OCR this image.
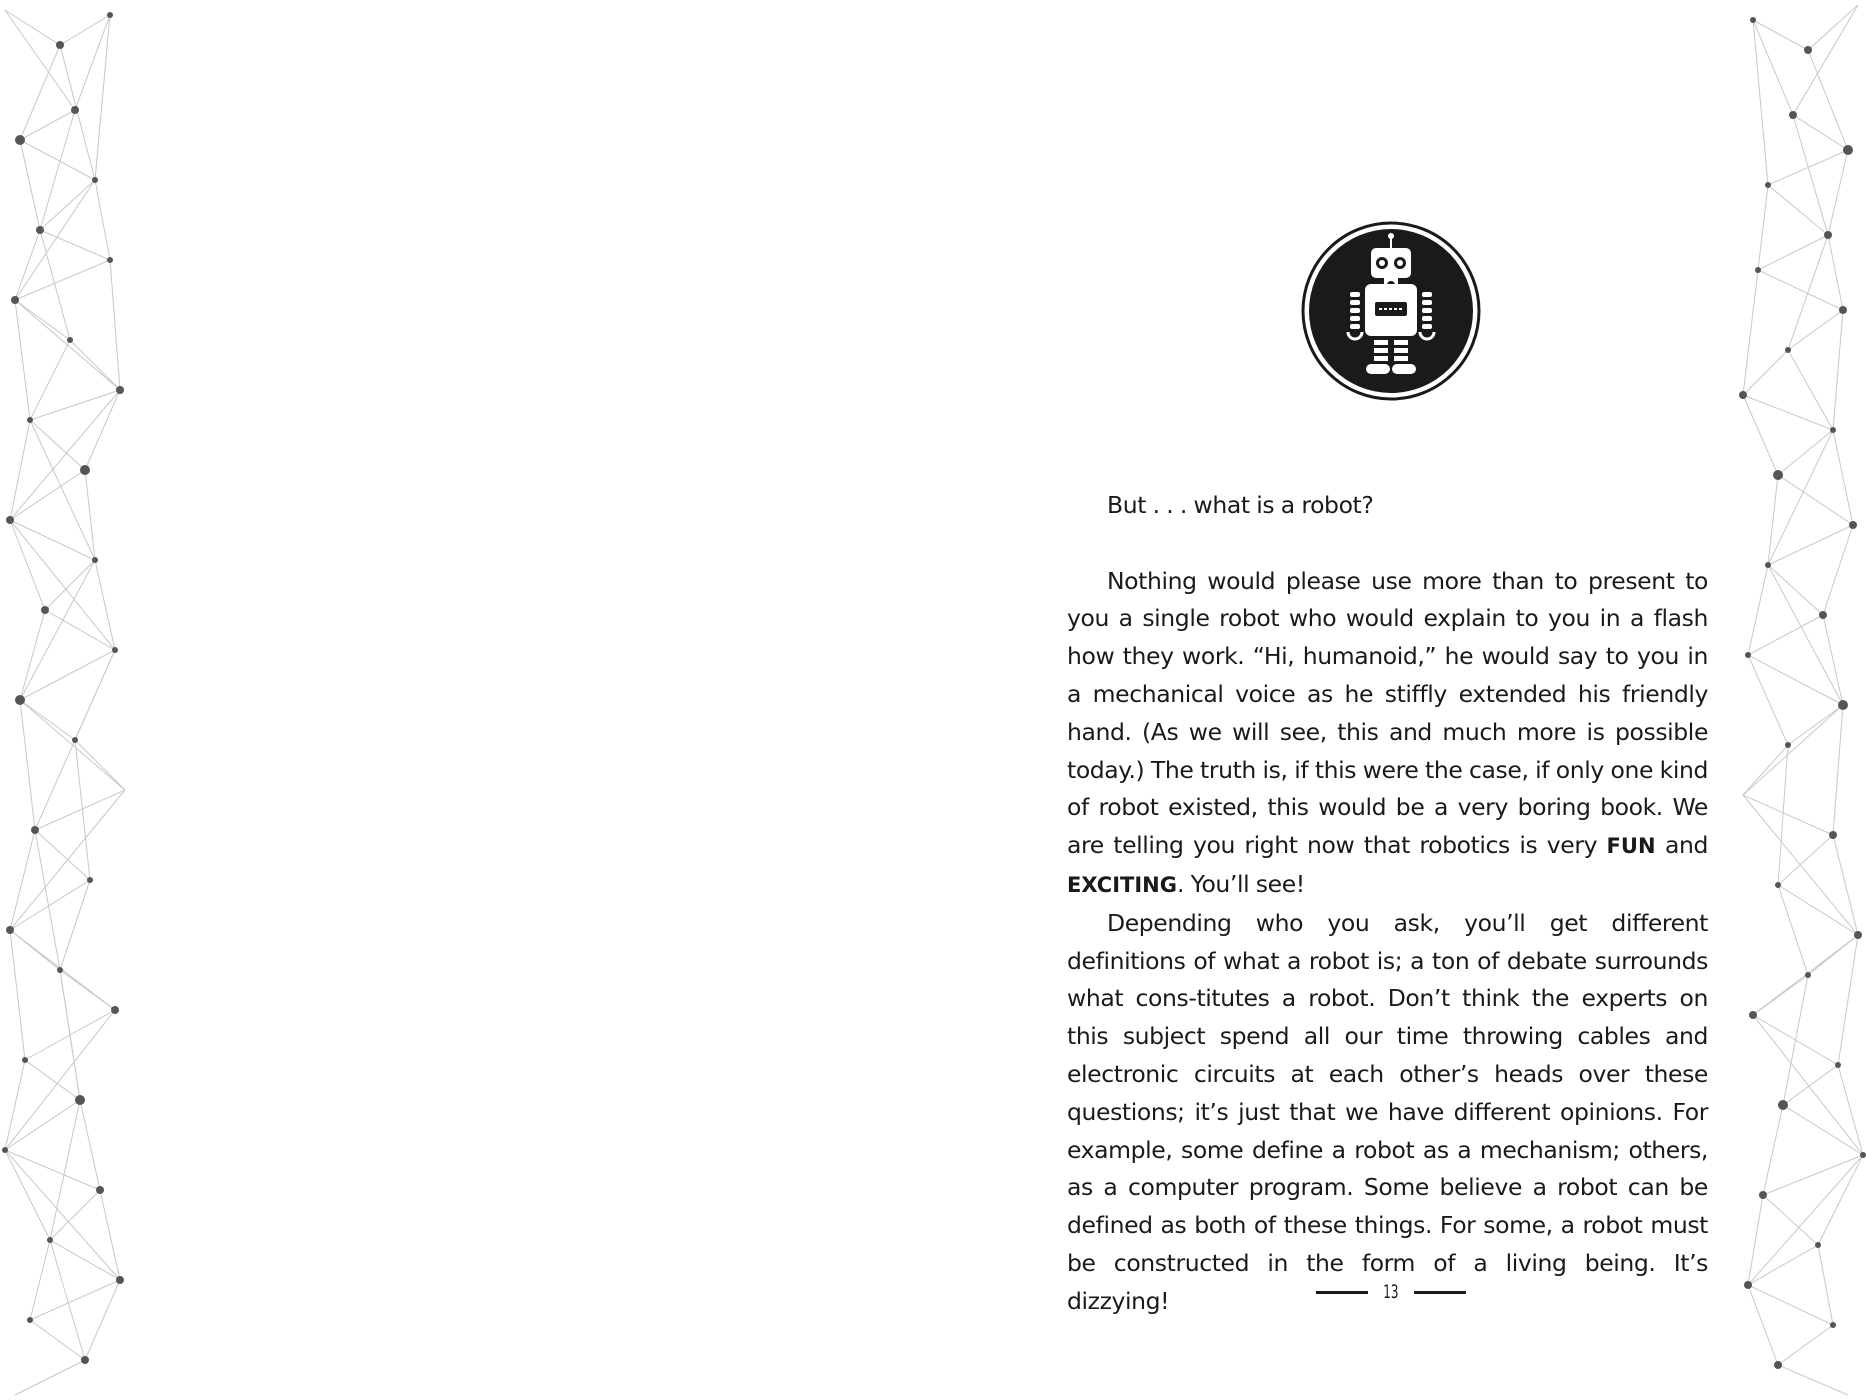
But . . . what is a robot?

Nothing would please use more than to present to you a single robot who would explain to you in a flash how they work. “Hi, humanoid,” he would say to you in a mechanical voice as he stiffly extended his friendly hand. (As we will see, this and much more is possible today.) The truth is, if this were the case, if only one kind of robot existed, this would be a very boring book. We are telling you right now that robotics is very FUN and EXCITING. You’ll see!

Depending who you ask, you’ll get different definitions of what a robot is; a ton of debate surrounds what cons-titutes a robot. Don’t think the experts on this subject spend all our time throwing cables and electronic circuits at each other’s heads over these questions; it’s just that we have different opinions. For example, some define a robot as a mechanism; others, as a computer program. Some believe a robot can be defined as both of these things. For some, a robot must be constructed in the form of a living being. It’s dizzying!	13
